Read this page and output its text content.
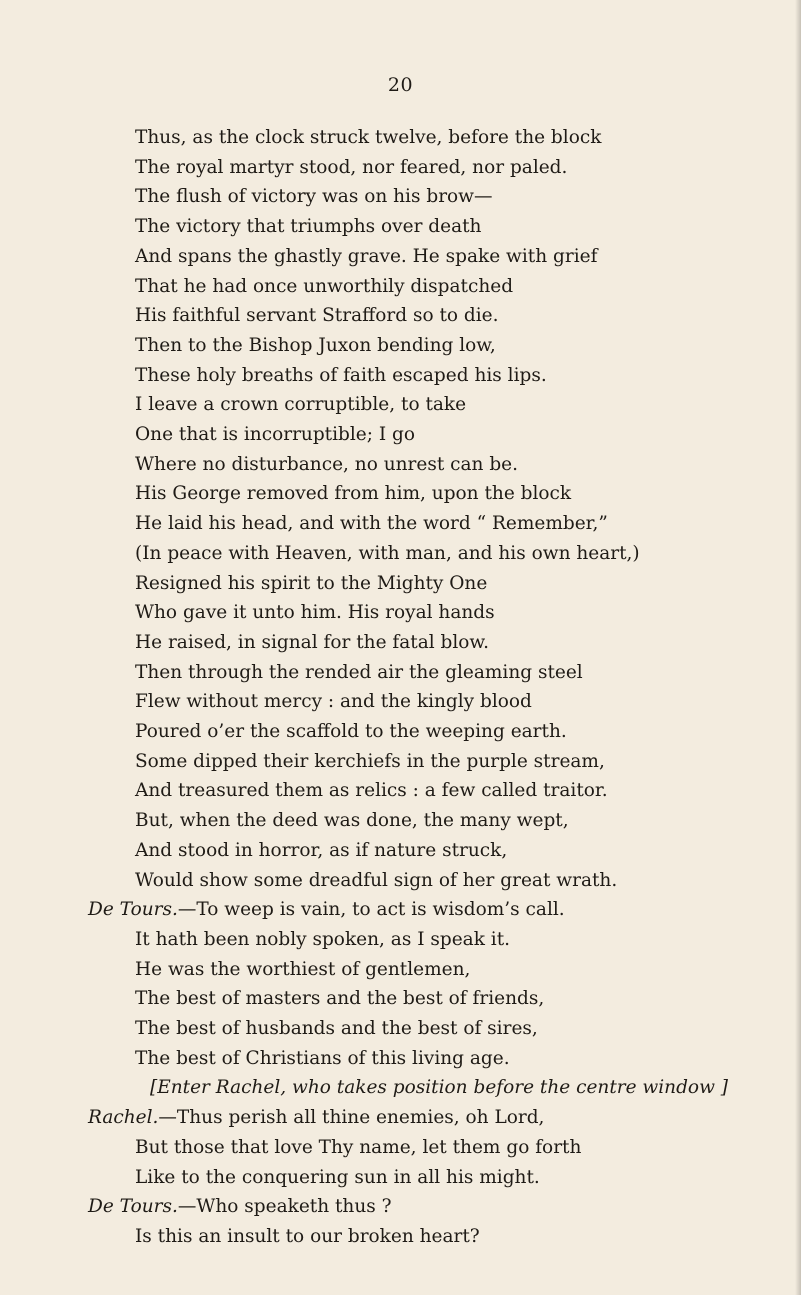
20
Thus, as the clock struck twelve, before the block
The royal martyr stood, nor feared, nor paled.
The flush of victory was on his brow—
The victory that triumphs over death
And spans the ghastly grave. He spake with grief
That he had once unworthily dispatched
His faithful servant Strafford so to die.
Then to the Bishop Juxon bending low,
These holy breaths of faith escaped his lips.
I leave a crown corruptible, to take
One that is incorruptible; I go
Where no disturbance, no unrest can be.
His George removed from him, upon the block
He laid his head, and with the word “ Remember,”
(In peace with Heaven, with man, and his own heart,)
Resigned his spirit to the Mighty One
Who gave it unto him. His royal hands
He raised, in signal for the fatal blow.
Then through the rended air the gleaming steel
Flew without mercy : and the kingly blood
Poured o’er the scaffold to the weeping earth.
Some dipped their kerchiefs in the purple stream,
And treasured them as relics : a few called traitor.
But, when the deed was done, the many wept,
And stood in horror, as if nature struck,
Would show some dreadful sign of her great wrath.
De Tours.—To weep is vain, to act is wisdom’s call.
It hath been nobly spoken, as I speak it.
He was the worthiest of gentlemen,
The best of masters and the best of friends,
The best of husbands and the best of sires,
The best of Christians of this living age.
[Enter Rachel, who takes position before the centre window ]
Rachel.—Thus perish all thine enemies, oh Lord,
But those that love Thy name, let them go forth
Like to the conquering sun in all his might.
De Tours.—Who speaketh thus ?
Is this an insult to our broken heart?
